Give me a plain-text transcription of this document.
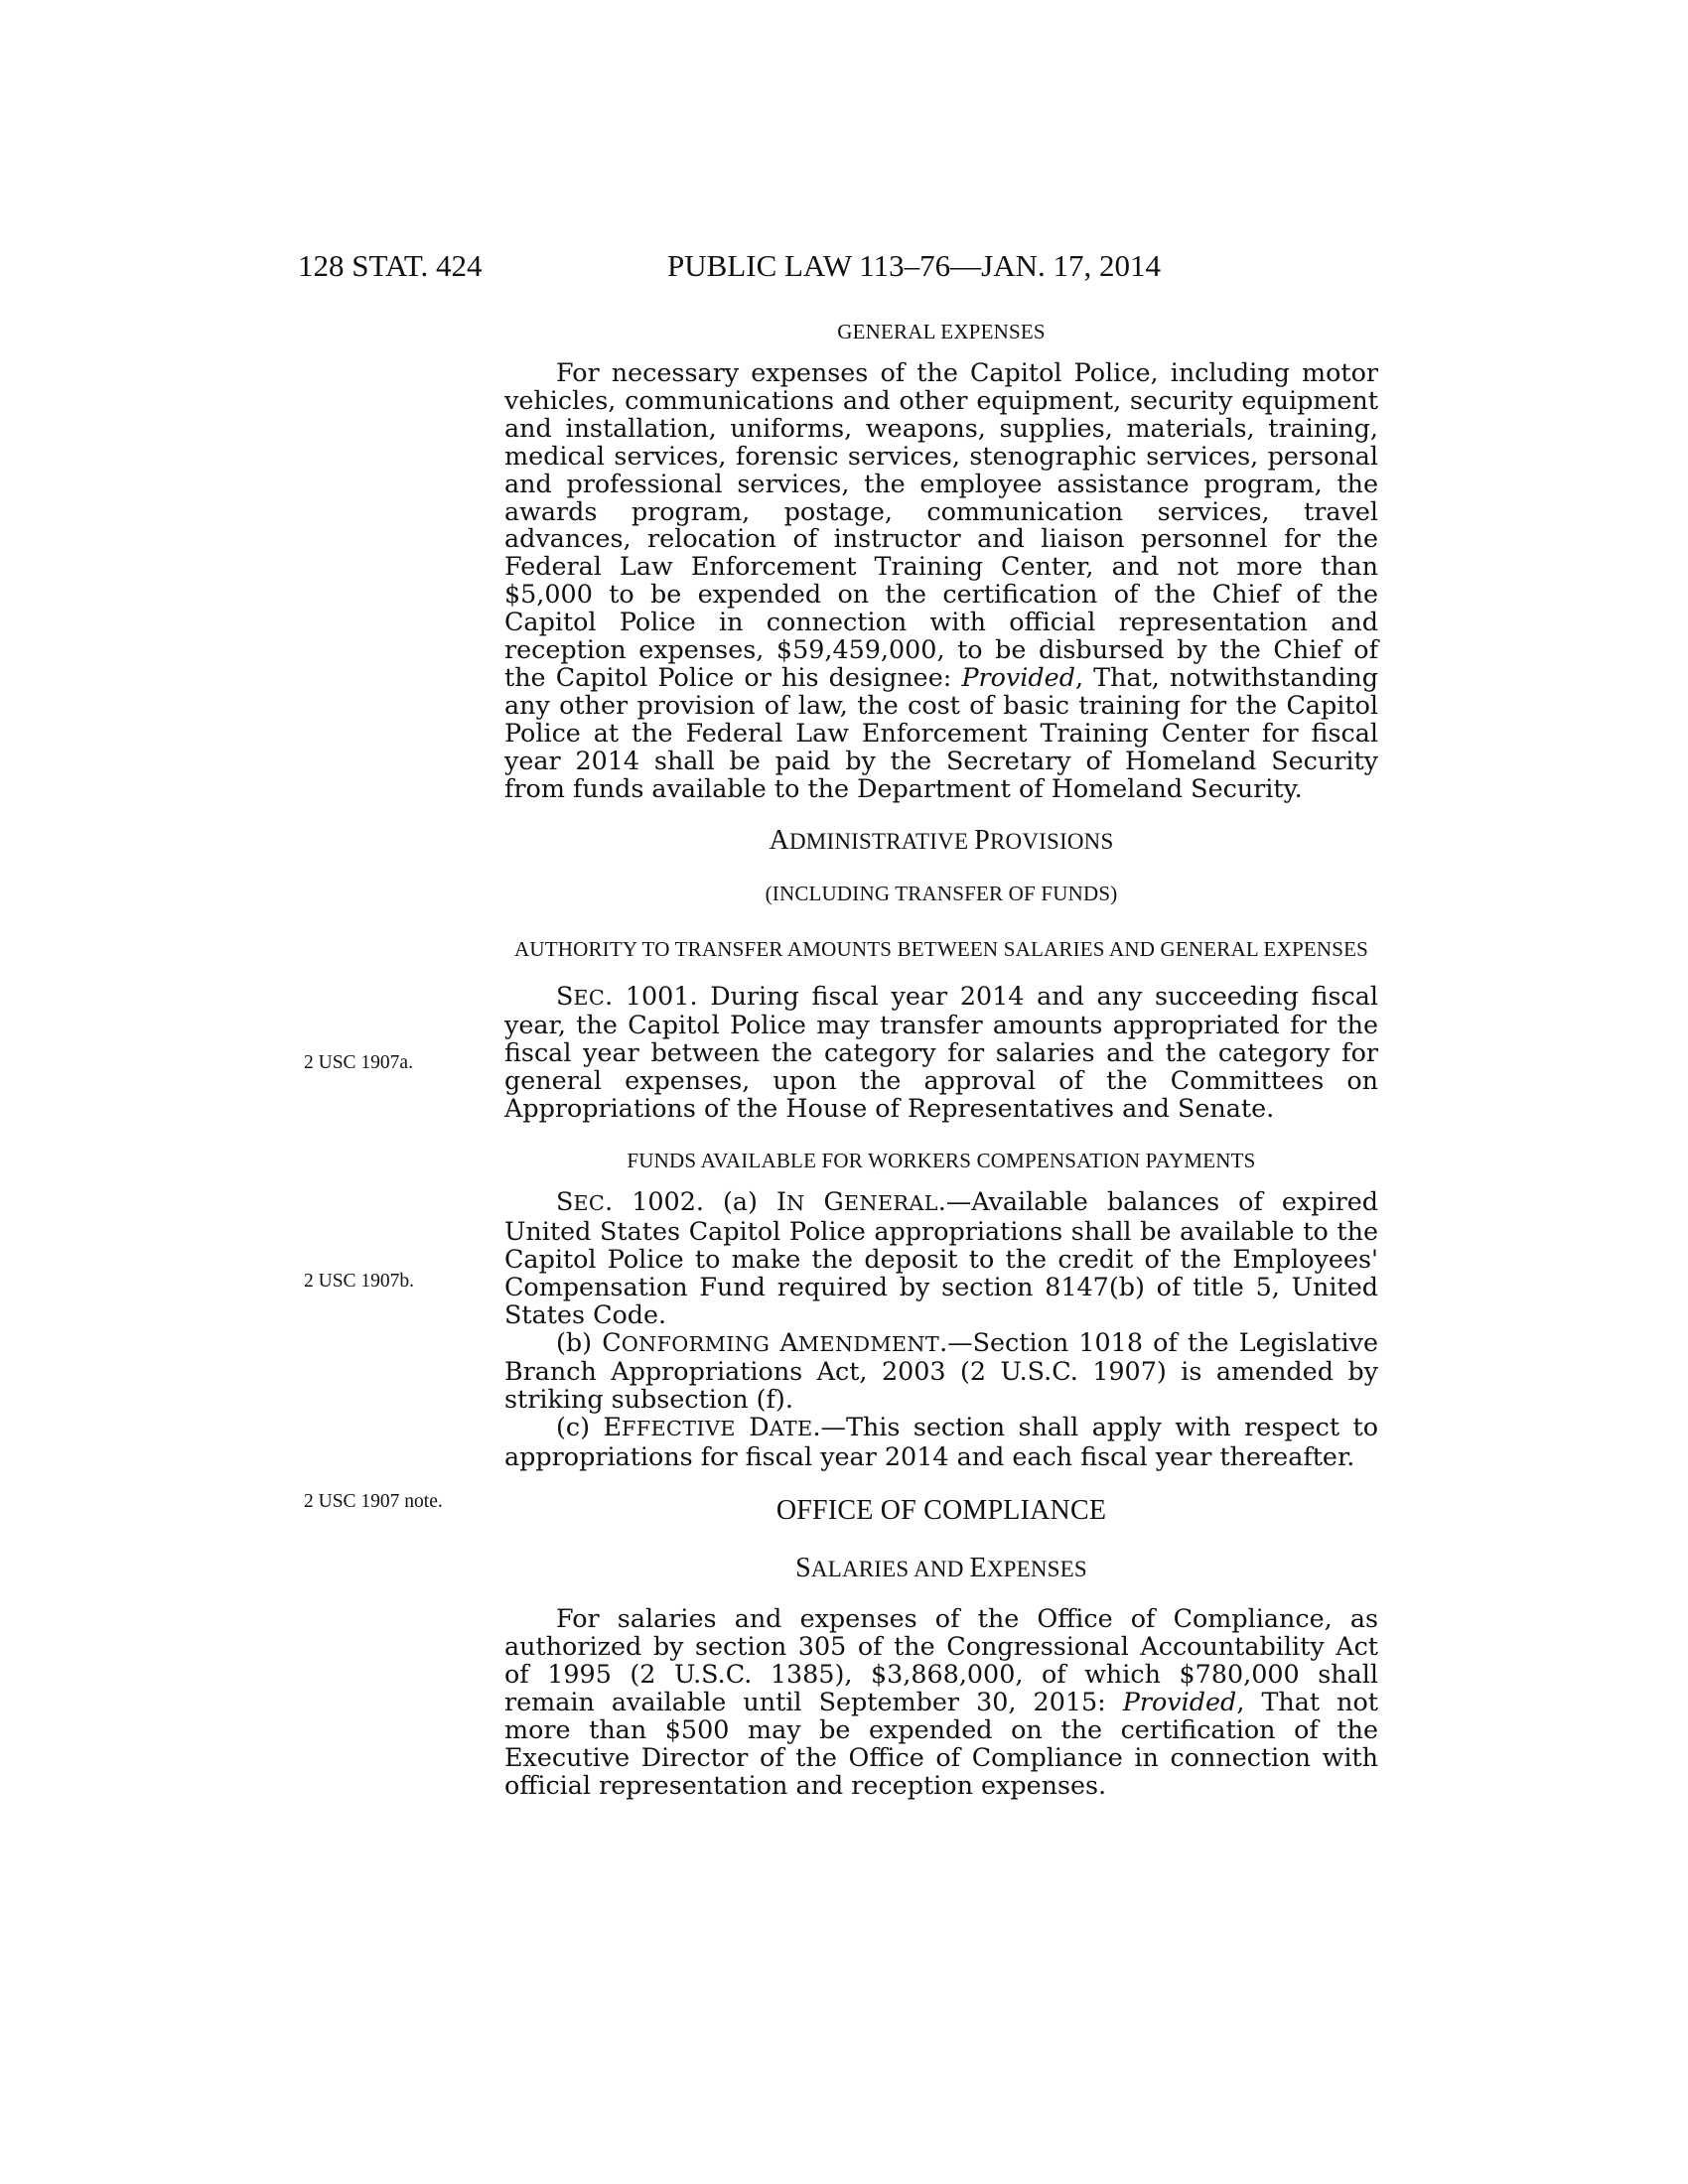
128 STAT. 424	PUBLIC LAW 113–76—JAN. 17, 2014
2 USC 1907a.
2 USC 1907b.
2 USC 1907 note.
GENERAL EXPENSES

For necessary expenses of the Capitol Police, including motor vehicles, communications and other equipment, security equipment and installation, uniforms, weapons, supplies, materials, training, medical services, forensic services, stenographic services, personal and professional services, the employee assistance program, the awards program, postage, communication services, travel advances, relocation of instructor and liaison personnel for the Federal Law Enforcement Training Center, and not more than $5,000 to be expended on the certification of the Chief of the Capitol Police in connection with official representation and reception expenses, $59,459,000, to be disbursed by the Chief of the Capitol Police or his designee: Provided, That, notwithstanding any other provision of law, the cost of basic training for the Capitol Police at the Federal Law Enforcement Training Center for fiscal year 2014 shall be paid by the Secretary of Homeland Security from funds available to the Department of Homeland Security.

ADMINISTRATIVE PROVISIONS
(INCLUDING TRANSFER OF FUNDS)
AUTHORITY TO TRANSFER AMOUNTS BETWEEN SALARIES AND GENERAL EXPENSES

SEC. 1001. During fiscal year 2014 and any succeeding fiscal year, the Capitol Police may transfer amounts appropriated for the fiscal year between the category for salaries and the category for general expenses, upon the approval of the Committees on Appropriations of the House of Representatives and Senate.

FUNDS AVAILABLE FOR WORKERS COMPENSATION PAYMENTS

SEC. 1002. (a) IN GENERAL.—Available balances of expired United States Capitol Police appropriations shall be available to the Capitol Police to make the deposit to the credit of the Employees' Compensation Fund required by section 8147(b) of title 5, United States Code.

(b) CONFORMING AMENDMENT.—Section 1018 of the Legislative Branch Appropriations Act, 2003 (2 U.S.C. 1907) is amended by striking subsection (f).

(c) EFFECTIVE DATE.—This section shall apply with respect to appropriations for fiscal year 2014 and each fiscal year thereafter.

OFFICE OF COMPLIANCE
SALARIES AND EXPENSES

For salaries and expenses of the Office of Compliance, as authorized by section 305 of the Congressional Accountability Act of 1995 (2 U.S.C. 1385), $3,868,000, of which $780,000 shall remain available until September 30, 2015: Provided, That not more than $500 may be expended on the certification of the Executive Director of the Office of Compliance in connection with official representation and reception expenses.
